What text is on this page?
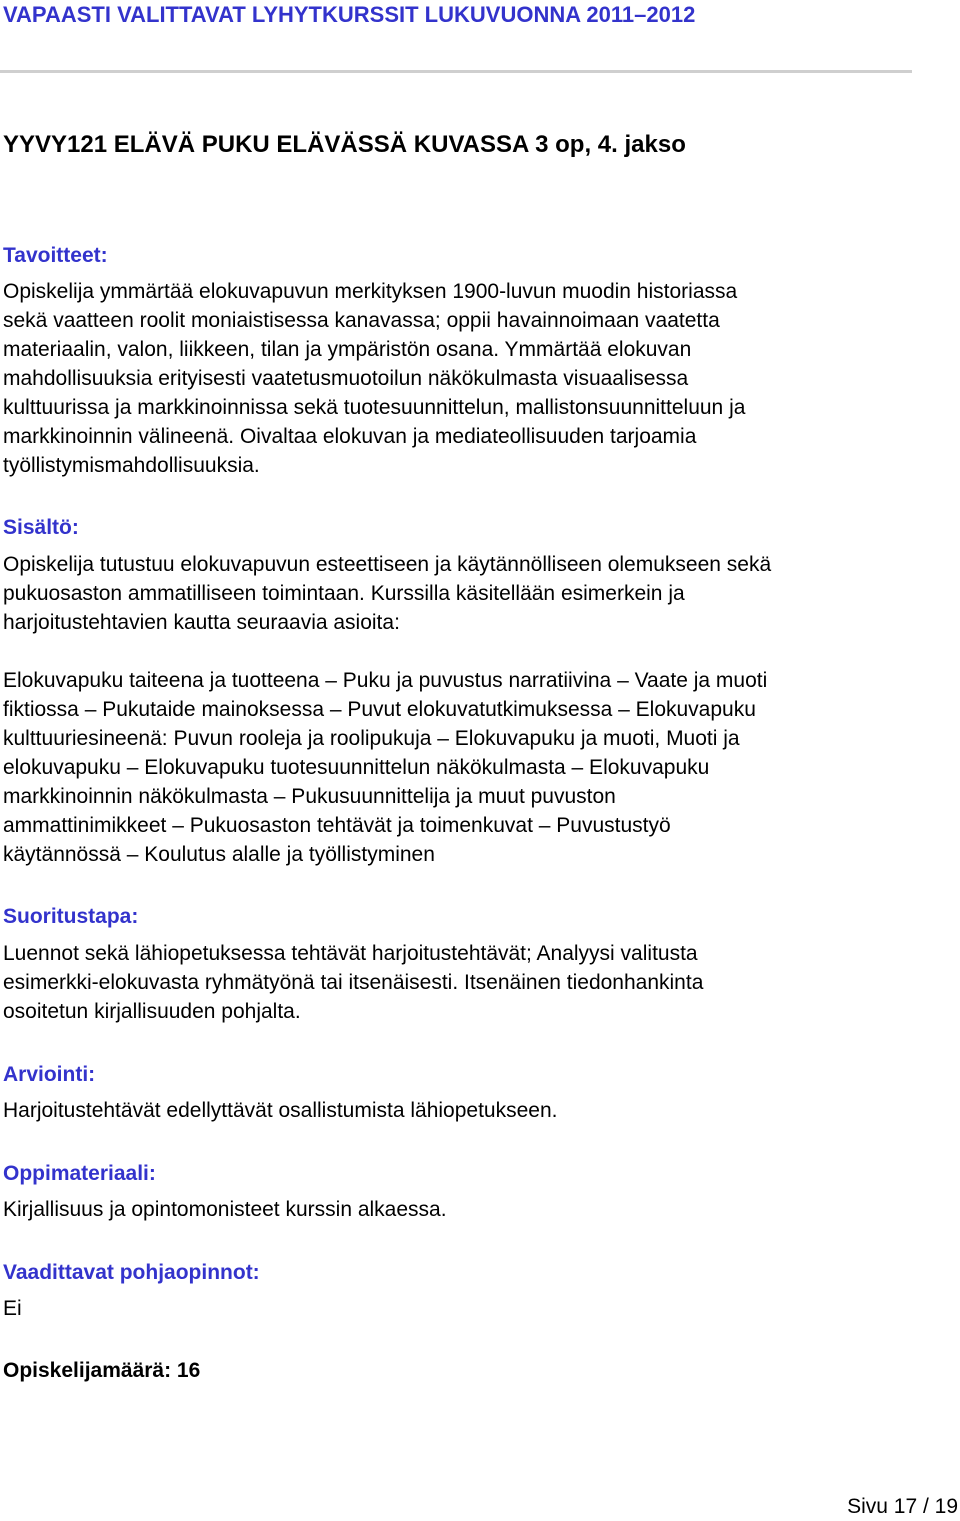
VAPAASTI VALITTAVAT LYHYTKURSSIT LUKUVUONNA 2011–2012
YYVY121 ELÄVÄ PUKU ELÄVÄSSÄ KUVASSA 3 op, 4. jakso
Tavoitteet:

Opiskelija ymmärtää elokuvapuvun merkityksen 1900-luvun muodin historiassa
sekä vaatteen roolit moniaistisessa kanavassa; oppii havainnoimaan vaatetta
materiaalin, valon, liikkeen, tilan ja ympäristön osana. Ymmärtää elokuvan
mahdollisuuksia erityisesti vaatetusmuotoilun näkökulmasta visuaalisessa
kulttuurissa ja markkinoinnissa sekä tuotesuunnittelun, mallistonsuunnitteluun ja
markkinoinnin välineenä. Oivaltaa elokuvan ja mediateollisuuden tarjoamia
työllistymismahdollisuuksia.

Sisältö:

Opiskelija tutustuu elokuvapuvun esteettiseen ja käytännölliseen olemukseen sekä
pukuosaston ammatilliseen toimintaan. Kurssilla käsitellään esimerkein ja
harjoitustehtavien kautta seuraavia asioita:

Elokuvapuku taiteena ja tuotteena – Puku ja puvustus narratiivina – Vaate ja muoti
fiktiossa – Pukutaide mainoksessa – Puvut elokuvatutkimuksessa – Elokuvapuku
kulttuuriesineenä: Puvun rooleja ja roolipukuja – Elokuvapuku ja muoti, Muoti ja
elokuvapuku – Elokuvapuku tuotesuunnittelun näkökulmasta – Elokuvapuku
markkinoinnin näkökulmasta – Pukusuunnittelija ja muut puvuston
ammattinimikkeet – Pukuosaston tehtävät ja toimenkuvat – Puvustustyö
käytännössä – Koulutus alalle ja työllistyminen

Suoritustapa:

Luennot sekä lähiopetuksessa tehtävät harjoitustehtävät; Analyysi valitusta
esimerkki-elokuvasta ryhmätyönä tai itsenäisesti. Itsenäinen tiedonhankinta
osoitetun kirjallisuuden pohjalta.

Arviointi:

Harjoitustehtävät edellyttävät osallistumista lähiopetukseen.

Oppimateriaali:

Kirjallisuus ja opintomonisteet kurssin alkaessa.

Vaadittavat pohjaopinnot:

Ei

Opiskelijamäärä: 16
Sivu 17 / 19
